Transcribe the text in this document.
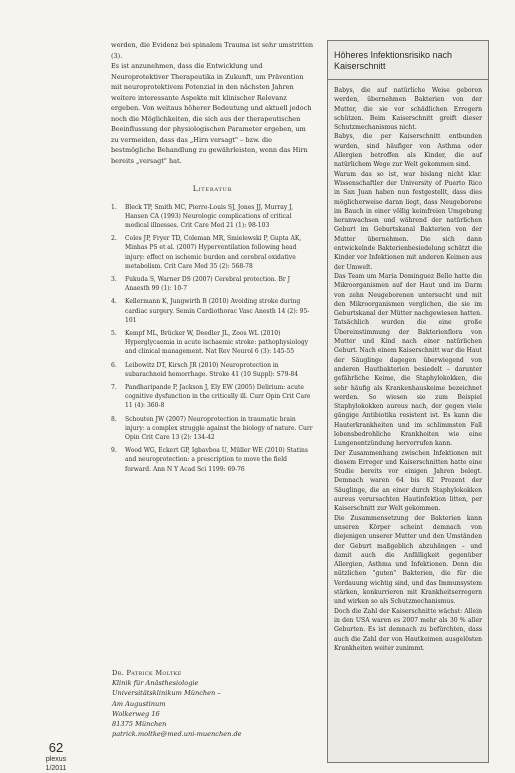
werden, die Evidenz bei spinalem Trauma ist sehr umstritten (3).

Es ist anzunehmen, dass die Entwicklung und Neuroprotektiver Therapeutika in Zukunft, um Prävention mit neuroprotektivem Potenzial in den nächsten Jahren weitere interessante Aspekte mit klinischer Relevanz ergeben. Von weitaus höherer Bedeutung und aktuell jedoch noch die Möglichkeiten, die sich aus der therapeutischen Beeinflussung der physiologischen Parameter ergeben, um zu vermeiden, dass das „Hirn versagt" – bzw. die bestmögliche Behandlung zu gewährleisten, wenn das Hirn bereits „versagt" hat.

Literatur
1. Bleck TP, Smith MC, Pierre-Louis SJ, Jones JJ, Murray J, Hansen CA (1993) Neurologic complications of critical medical illnesses. Crit Care Med 21 (1): 98-103
2. Coles JP, Fryer TD, Coleman MR, Smielewski P, Gupta AK, Minhas PS et al. (2007) Hyperventilation following head injury: effect on ischemic burden and cerebral oxidative metabolism. Crit Care Med 35 (2): 568-78
3. Fukuda S, Warner DS (2007) Cerebral protection. Br J Anaesth 99 (1): 10-7
4. Kellermann K, Jungwirth B (2010) Avoiding stroke during cardiac surgery. Semin Cardiothorac Vasc Anesth 14 (2): 95-101
5. Kempf ML, Brücker W, Deedler JL, Zoos WL (2010) Hyperglycaemia in acute ischaemic stroke: pathophysiology and clinical management. Nat Rev Neurol 6 (3): 145-55
6. Leibowitz DT, Kirsch JR (2010) Neuroprotection in subarachnoid hemorrhage. Stroke 41 (10 Suppl): S79-84
7. Pandharipande P, Jackson J, Ely EW (2005) Delirium: acute cognitive dysfunction in the critically ill. Curr Opin Crit Care 11 (4): 360-8
8. Schouten JW (2007) Neuroprotection in traumatic brain injury: a complex struggle against the biology of nature. Curr Opin Crit Care 13 (2): 134-42
9. Wood WG, Eckert GP, Igbavboa U, Müller WE (2010) Statins and neuroprotection: a prescription to move the field forward. Ann N Y Acad Sci 1199: 69-76
Dr. Patrick Moltke
Klinik für Anästhesiologie
Universitätsklinikum München –
Am Augustinum
Wolkerweg 16
81375 München
patrick.moltke@med.uni-muenchen.de
62
plexus
1/2011
Höheres Infektionsrisiko nach Kaiserschnitt

Babys, die auf natürliche Weise geboren werden, übernehmen Bakterien von der Mutter, die sie vor schädlichen Erregern schützen. Beim Kaiserschnitt greift dieser Schutzmechanismus nicht.

Babys, die per Kaiserschnitt entbunden wurden, sind häufiger von Asthma oder Allergien betroffen als Kinder, die auf natürlichem Wege zur Welt gekommen sind.

Warum das so ist, war bislang nicht klar. Wissenschaftler der University of Puerto Rico in San Juan haben nun festgestellt, dass dies möglicherweise daran liegt, dass Neugeborene im Bauch in einer völlig keimfreien Umgebung heranwachsen und während der natürlichen Geburt im Geburtskanal Bakterien von der Mutter übernehmen. Die sich dann entwickelnde Bakterienbesiedelung schützt die Kinder vor Infektionen mit anderen Keimen aus der Umwelt.

Das Team um Maria Dominguez Bello hatte die Mikroorganismen auf der Haut und im Darm von zehn Neugeborenen untersucht und mit den Mikroorganismen verglichen, die sie im Geburtskanal der Mütter nachgewiesen hatten. Tatsächlich wurden die eine große Übereinstimmung der Bakterienflora von Mutter und Kind nach einer natürlichen Geburt. Nach einem Kaiserschnitt war die Haut der Säuglinge dagegen überwiegend von anderen Hautbakterien besiedelt – darunter gefährliche Keime, die Staphylokokken, die sehr häufig als Krankenhauskeime bezeichnet werden. So wiesen sie zum Beispiel Staphylokokken aureus nach, der gegen viele gängige Antibiotika resistent ist. Es kann die Hauterkrankheiten und im schlimmsten Fall lebensbedrohliche Krankheiten wie eine Lungenentzündung hervorrufen kann.

Der Zusammenhang zwischen Infektionen mit diesem Erreger und Kaiserschnitten hatte eine Studie bereits vor einigen Jahren belegt. Demnach waren 64 bis 82 Prozent der Säuglinge, die an einer durch Staphylokokken aureus verursachten Hautinfektion litten, per Kaiserschnitt zur Welt gekommen.

Die Zusammensetzung der Bakterien kann unseren Körper scheint demnach von diejenigen unserer Mutter und den Umständen der Geburt maßgeblich abzuhängen – und damit auch die Anfälligkeit gegenüber Allergien, Asthma und Infektionen. Denn die nützlichen "guten" Bakterien, die für die Verdauung wichtig sind, und das Immunsystem stärken, konkurrieren mit Krankheitserregern und wirken so als Schutzmechanismus.

Doch die Zahl der Kaiserschnitte wächst: Allein in den USA waren es 2007 mehr als 30 % aller Geburten. Es ist demnach zu befürchten, dass auch die Zahl der von Hautkeimen ausgelösten Krankheiten weiter zunimmt.
